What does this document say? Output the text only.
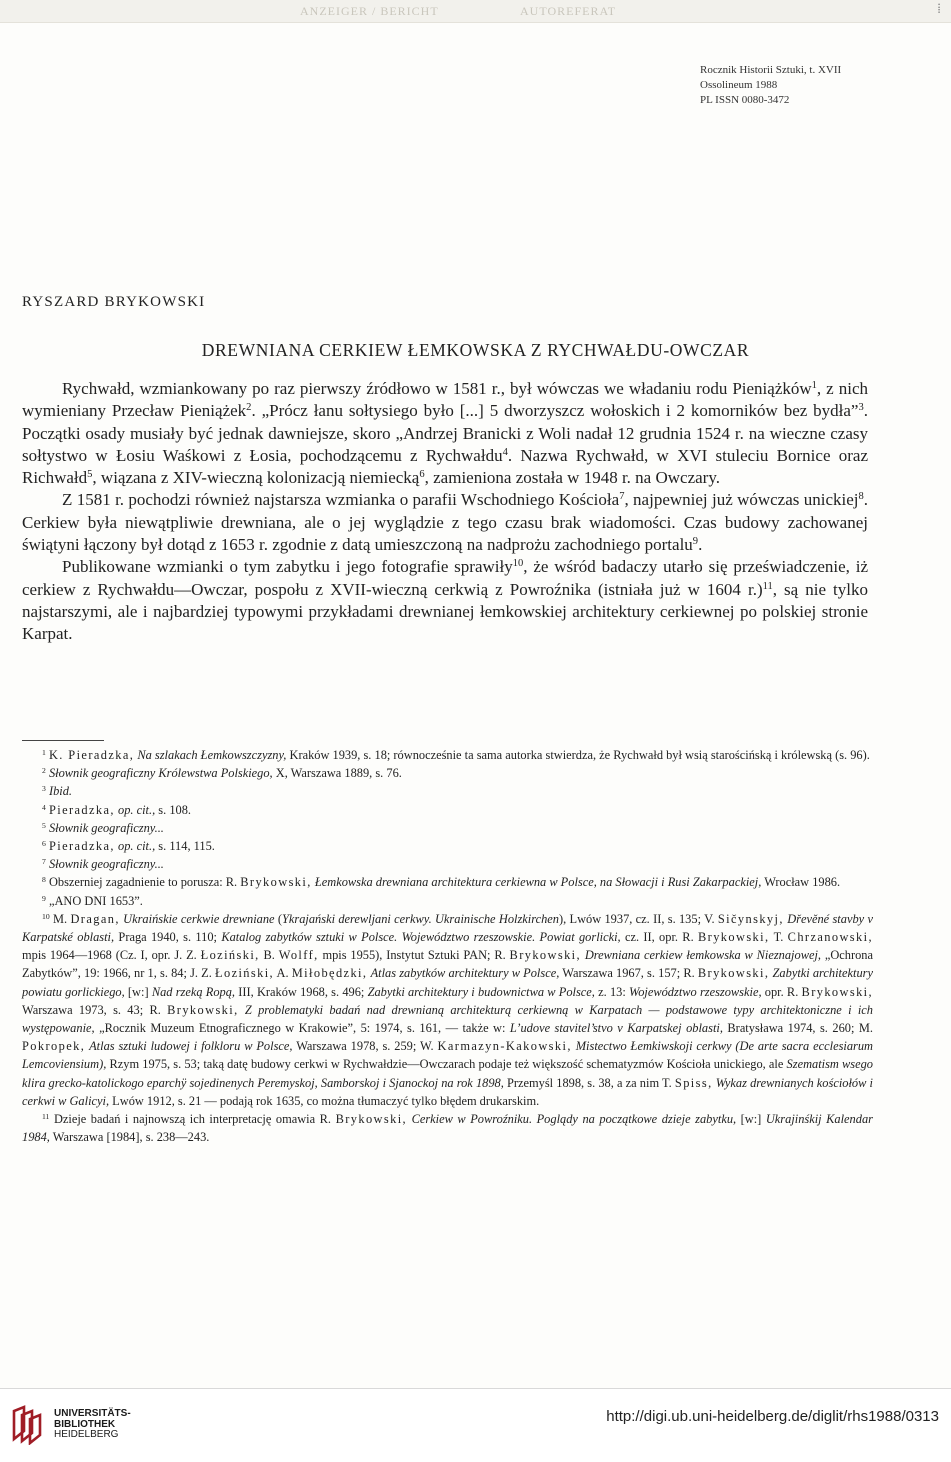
ANZEIGER / BERICHT	AUTOREFERAT	⁞
Rocznik Historii Sztuki, t. XVII
Ossolineum 1988
PL ISSN 0080-3472
RYSZARD BRYKOWSKI
DREWNIANA CERKIEW ŁEMKOWSKA Z RYCHWAŁDU-OWCZAR

Rychwałd, wzmiankowany po raz pierwszy źródłowo w 1581 r., był wówczas we władaniu rodu Pieniążków$^1$, z nich wymieniany Przecław Pieniążek$^2$. „Prócz łanu sołtysiego było [...] 5 dworzyszcz wołoskich i 2 komorników bez bydła”$^3$. Początki osady musiały być jednak dawniejsze, skoro „Andrzej Branicki z Woli nadał 12 grudnia 1524 r. na wieczne czasy sołtystwo w Łosiu Waśkowi z Łosia, pochodzącemu z Rychwałdu$^4$. Nazwa Rychwałd, w XVI stuleciu Bornice oraz Richwałd$^5$, wiązana z XIV-wieczną kolonizacją niemiecką$^6$, zamieniona została w 1948 r. na Owczary.

Z 1581 r. pochodzi również najstarsza wzmianka o parafii Wschodniego Kościoła$^7$, najpewniej już wówczas unickiej$^8$. Cerkiew była niewątpliwie drewniana, ale o jej wyglądzie z tego czasu brak wiadomości. Czas budowy zachowanej świątyni łączony był dotąd z 1653 r. zgodnie z datą umieszczoną na nadprożu zachodniego portalu$^9$.

Publikowane wzmianki o tym zabytku i jego fotografie sprawiły$^{10}$, że wśród badaczy utarło się przeświadczenie, iż cerkiew z Rychwałdu—Owczar, pospołu z XVII-wieczną cerkwią z Powroźnika (istniała już w 1604 r.)$^{11}$, są nie tylko najstarszymi, ale i najbardziej typowymi przykładami drewnianej łemkowskiej architektury cerkiewnej po polskiej stronie Karpat.

$^1$ K. Pieradzka, Na szlakach Łemkowszczyzny, Kraków 1939, s. 18; równocześnie ta sama autorka stwierdza, że Rychwałd był wsią starościńską i królewską (s. 96).

$^2$ Słownik geograficzny Królewstwa Polskiego, X, Warszawa 1889, s. 76.

$^3$ Ibid.

$^4$ Pieradzka, op. cit., s. 108.

$^5$ Słownik geograficzny...

$^6$ Pieradzka, op. cit., s. 114, 115.

$^7$ Słownik geograficzny...

$^8$ Obszerniej zagadnienie to porusza: R. Brykowski, Łemkowska drewniana architektura cerkiewna w Polsce, na Słowacji i Rusi Zakarpackiej, Wrocław 1986.

$^9$ „ANO DNI 1653”.

$^{10}$ M. Dragan, Ukraińskie cerkwie drewniane (Ykrajański derewljani cerkwy. Ukrainische Holzkirchen), Lwów 1937, cz. II, s. 135; V. Sičynskyj, Dřevěné stavby v Karpatské oblasti, Praga 1940, s. 110; Katalog zabytków sztuki w Polsce. Województwo rzeszowskie. Powiat gorlicki, cz. II, opr. R. Brykowski, T. Chrzanowski, mpis 1964—1968 (Cz. I, opr. J. Z. Łoziński, B. Wolff, mpis 1955), Instytut Sztuki PAN; R. Brykowski, Drewniana cerkiew łemkowska w Nieznajowej, „Ochrona Zabytków”, 19: 1966, nr 1, s. 84; J. Z. Łoziński, A. Miłobędzki, Atlas zabytków architektury w Polsce, Warszawa 1967, s. 157; R. Brykowski, Zabytki architektury powiatu gorlickiego, [w:] Nad rzeką Ropą, III, Kraków 1968, s. 496; Zabytki architektury i budownictwa w Polsce, z. 13: Województwo rzeszowskie, opr. R. Brykowski, Warszawa 1973, s. 43; R. Brykowski, Z problematyki badań nad drewnianą architekturą cerkiewną w Karpatach — podstawowe typy architektoniczne i ich występowanie, „Rocznik Muzeum Etnograficznego w Krakowie”, 5: 1974, s. 161, — także w: L’udove stavitel’stvo v Karpatskej oblasti, Bratysława 1974, s. 260; M. Pokropek, Atlas sztuki ludowej i folkloru w Polsce, Warszawa 1978, s. 259; W. Karmazyn-Kakowski, Mistectwo Łemkiwskoji cerkwy (De arte sacra ecclesiarum Lemcoviensium), Rzym 1975, s. 53; taką datę budowy cerkwi w Rychwałdzie—Owczarach podaje też większość schematyzmów Kościoła unickiego, ale Szematism wsego klira grecko-katolickogo eparchÿ sojedinenych Peremyskoj, Samborskoj i Sjanockoj na rok 1898, Przemyśl 1898, s. 38, a za nim T. Spiss, Wykaz drewnianych kościołów i cerkwi w Galicyi, Lwów 1912, s. 21 — podają rok 1635, co można tłumaczyć tylko błędem drukarskim.

$^{11}$ Dzieje badań i najnowszą ich interpretację omawia R. Brykowski, Cerkiew w Powroźniku. Poglądy na początkowe dzieje zabytku, [w:] Ukrajinśkij Kalendar 1984, Warszawa [1984], s. 238—243.

UNIVERSITÄTS-
BIBLIOTHEK
HEIDELBERG
http://digi.ub.uni-heidelberg.de/diglit/rhs1988/0313
